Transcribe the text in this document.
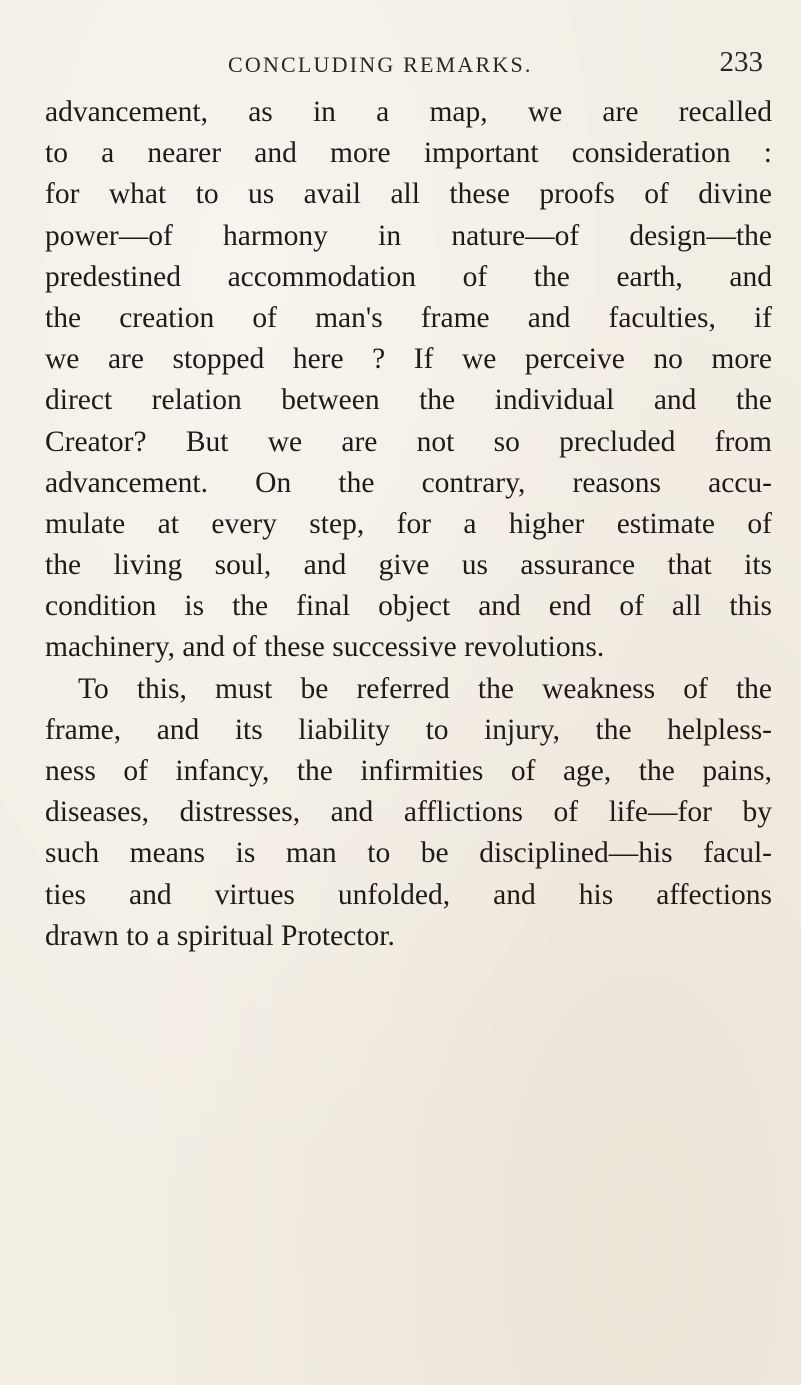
CONCLUDING REMARKS.	233
advancement, as in a map, we are recalled
to a nearer and more important consideration :
for what to us avail all these proofs of divine
power—of harmony in nature—of design—the
predestined accommodation of the earth, and
the creation of man's frame and faculties, if
we are stopped here ? If we perceive no more
direct relation between the individual and the
Creator? But we are not so precluded from
advancement. On the contrary, reasons accu-
mulate at every step, for a higher estimate of
the living soul, and give us assurance that its
condition is the final object and end of all this
machinery, and of these successive revolutions.
To this, must be referred the weakness of the
frame, and its liability to injury, the helpless-
ness of infancy, the infirmities of age, the pains,
diseases, distresses, and afflictions of life—for by
such means is man to be disciplined—his facul-
ties and virtues unfolded, and his affections
drawn to a spiritual Protector.
